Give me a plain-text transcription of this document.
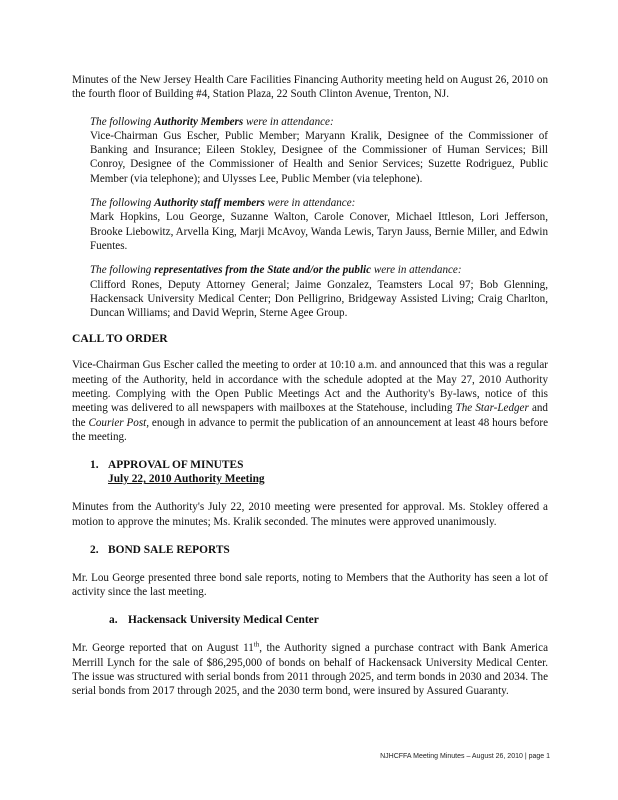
Minutes of the New Jersey Health Care Facilities Financing Authority meeting held on August 26, 2010 on the fourth floor of Building #4, Station Plaza, 22 South Clinton Avenue, Trenton, NJ.

The following Authority Members were in attendance:
Vice-Chairman Gus Escher, Public Member; Maryann Kralik, Designee of the Commissioner of Banking and Insurance; Eileen Stokley, Designee of the Commissioner of Human Services; Bill Conroy, Designee of the Commissioner of Health and Senior Services; Suzette Rodriguez, Public Member (via telephone); and Ulysses Lee, Public Member (via telephone).

The following Authority staff members were in attendance:
Mark Hopkins, Lou George, Suzanne Walton, Carole Conover, Michael Ittleson, Lori Jefferson, Brooke Liebowitz, Arvella King, Marji McAvoy, Wanda Lewis, Taryn Jauss, Bernie Miller, and Edwin Fuentes.

The following representatives from the State and/or the public were in attendance:
Clifford Rones, Deputy Attorney General; Jaime Gonzalez, Teamsters Local 97; Bob Glenning, Hackensack University Medical Center; Don Pelligrino, Bridgeway Assisted Living; Craig Charlton, Duncan Williams; and David Weprin, Sterne Agee Group.

CALL TO ORDER

Vice-Chairman Gus Escher called the meeting to order at 10:10 a.m. and announced that this was a regular meeting of the Authority, held in accordance with the schedule adopted at the May 27, 2010 Authority meeting. Complying with the Open Public Meetings Act and the Authority's By-laws, notice of this meeting was delivered to all newspapers with mailboxes at the Statehouse, including The Star-Ledger and the Courier Post, enough in advance to permit the publication of an announcement at least 48 hours before the meeting.

1. APPROVAL OF MINUTES
July 22, 2010 Authority Meeting

Minutes from the Authority's July 22, 2010 meeting were presented for approval. Ms. Stokley offered a motion to approve the minutes; Ms. Kralik seconded. The minutes were approved unanimously.

2. BOND SALE REPORTS

Mr. Lou George presented three bond sale reports, noting to Members that the Authority has seen a lot of activity since the last meeting.

a. Hackensack University Medical Center

Mr. George reported that on August 11th, the Authority signed a purchase contract with Bank America Merrill Lynch for the sale of $86,295,000 of bonds on behalf of Hackensack University Medical Center. The issue was structured with serial bonds from 2011 through 2025, and term bonds in 2030 and 2034. The serial bonds from 2017 through 2025, and the 2030 term bond, were insured by Assured Guaranty.

NJHCFFA Meeting Minutes – August 26, 2010 | page 1
